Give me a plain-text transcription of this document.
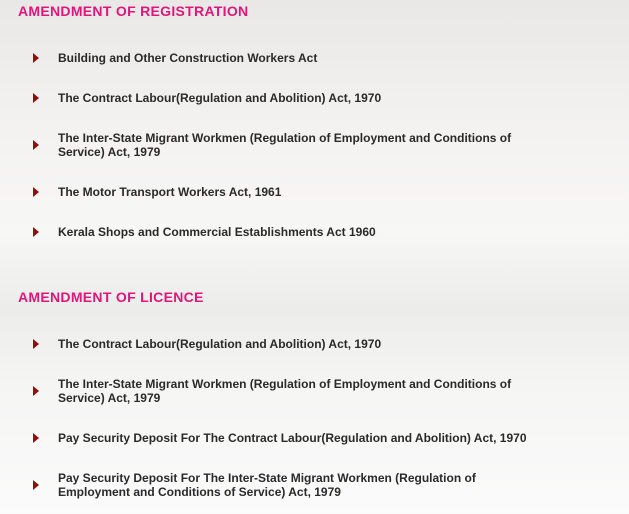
AMENDMENT OF REGISTRATION
Building and Other Construction Workers Act
The Contract Labour(Regulation and Abolition) Act, 1970
The Inter-State Migrant Workmen (Regulation of Employment and Conditions of Service) Act, 1979
The Motor Transport Workers Act, 1961
Kerala Shops and Commercial Establishments Act 1960
AMENDMENT OF LICENCE
The Contract Labour(Regulation and Abolition) Act, 1970
The Inter-State Migrant Workmen (Regulation of Employment and Conditions of Service) Act, 1979
Pay Security Deposit For The Contract Labour(Regulation and Abolition) Act, 1970
Pay Security Deposit For The Inter-State Migrant Workmen (Regulation of Employment and Conditions of Service) Act, 1979
